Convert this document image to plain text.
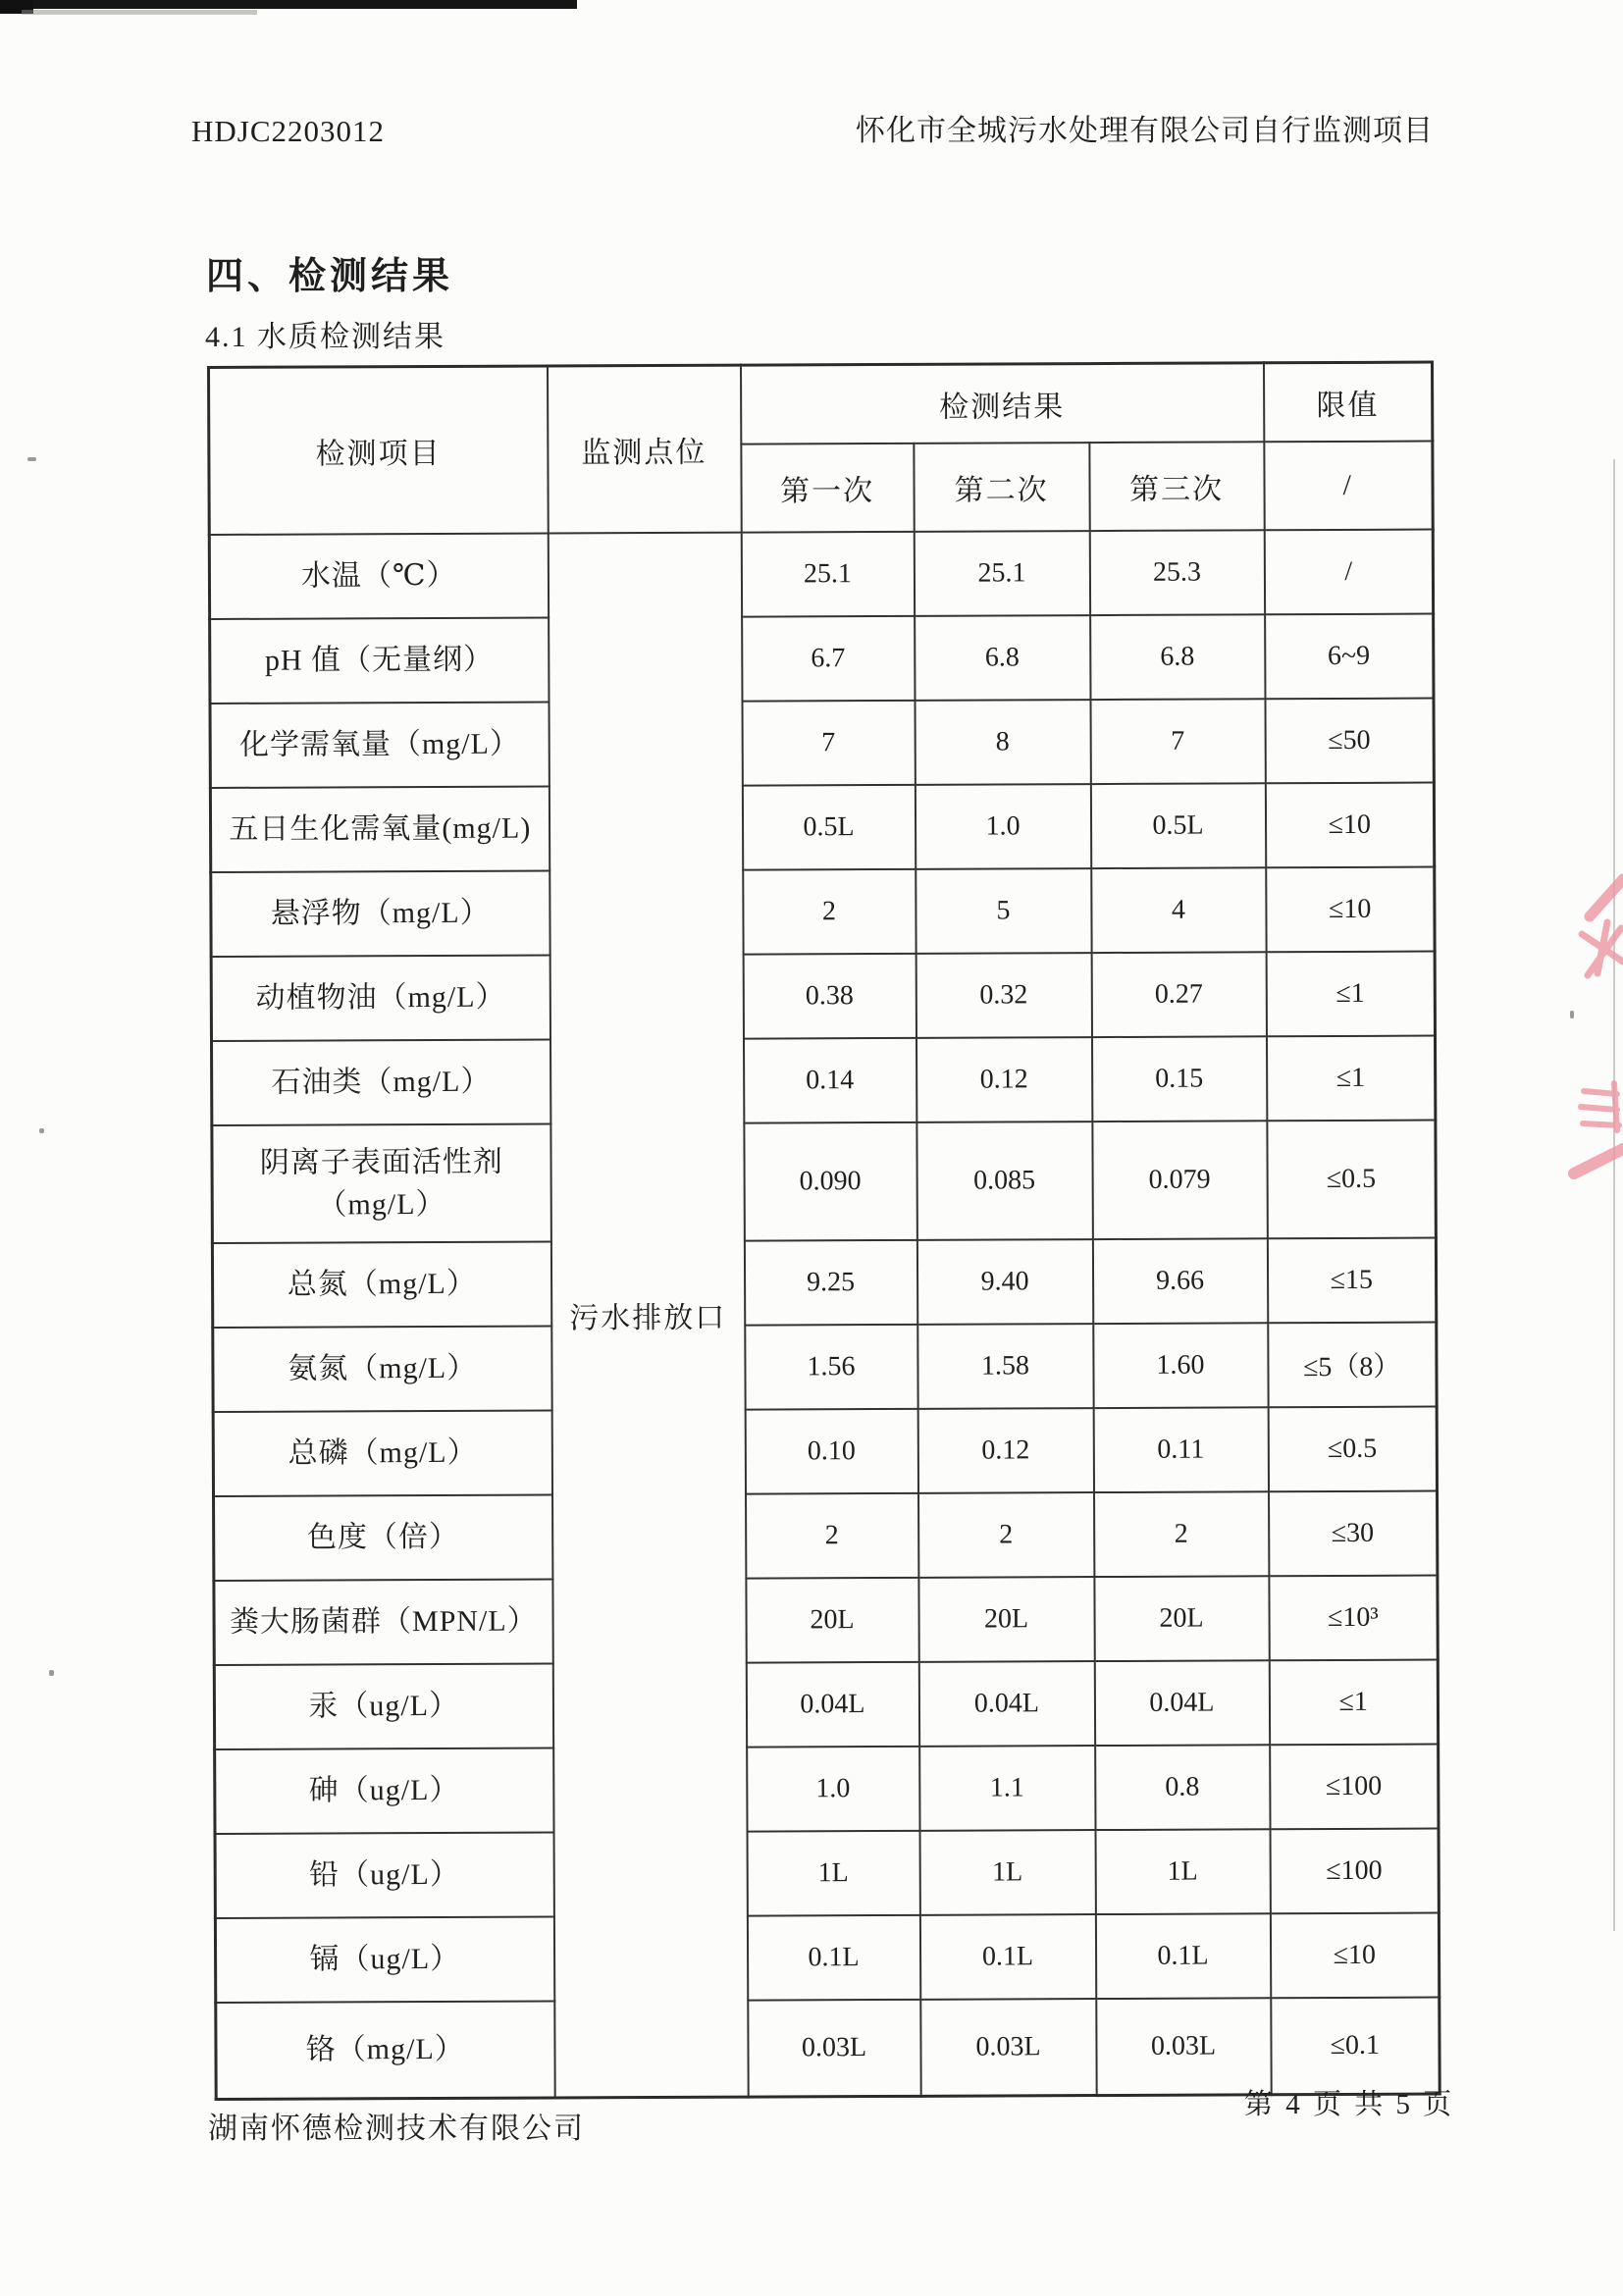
HDJC2203012	怀化市全城污水处理有限公司自行监测项目
四、检测结果
4.1 水质检测结果
检测项目	监测点位	检测结果			限值
		第一次	第二次	第三次	/
水温（℃）	污水排放口	25.1	25.1	25.3	/
pH 值（无量纲）		6.7	6.8	6.8	6~9
化学需氧量（mg/L）		7	8	7	≤50
五日生化需氧量(mg/L)		0.5L	1.0	0.5L	≤10
悬浮物（mg/L）		2	5	4	≤10
动植物油（mg/L）		0.38	0.32	0.27	≤1
石油类（mg/L）		0.14	0.12	0.15	≤1
阴离子表面活性剂
（mg/L）		0.090	0.085	0.079	≤0.5
总氮（mg/L）		9.25	9.40	9.66	≤15
氨氮（mg/L）		1.56	1.58	1.60	≤5（8）
总磷（mg/L）		0.10	0.12	0.11	≤0.5
色度（倍）		2	2	2	≤30
粪大肠菌群（MPN/L）		20L	20L	20L	≤10³
汞（ug/L）		0.04L	0.04L	0.04L	≤1
砷（ug/L）		1.0	1.1	0.8	≤100
铅（ug/L）		1L	1L	1L	≤100
镉（ug/L）		0.1L	0.1L	0.1L	≤10
铬（mg/L）		0.03L	0.03L	0.03L	≤0.1
湖南怀德检测技术有限公司
第 4 页 共 5 页
